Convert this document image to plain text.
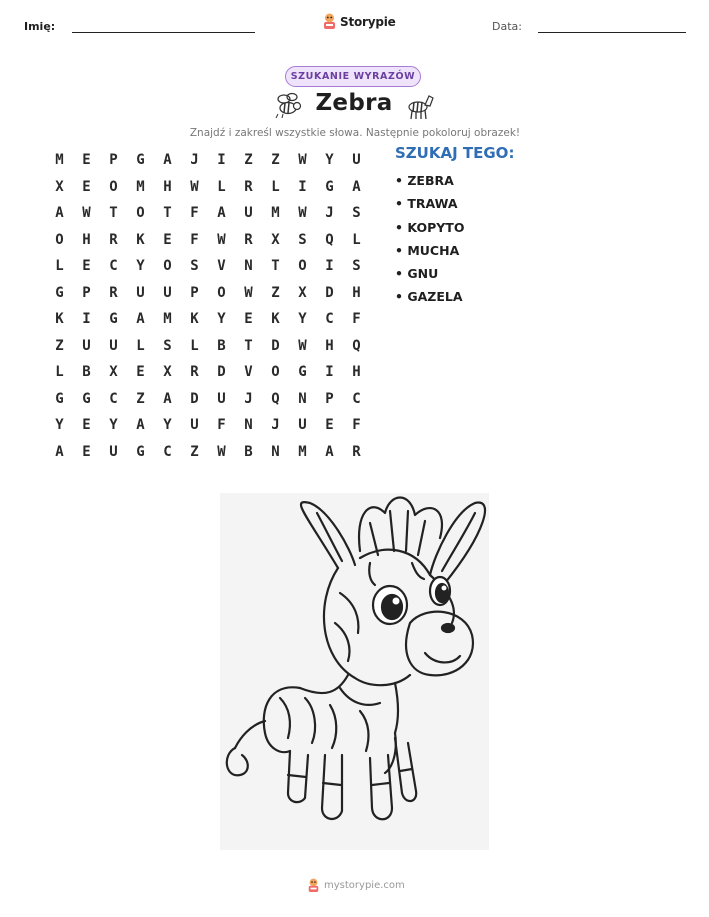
Imię:	Storypie	Data:
SZUKANIE WYRAZÓW
Zebra
Znajdź i zakreśl wszystkie słowa. Następnie pokoloruj obrazek!
M	E	P	G	A	J	I	Z	Z	W	Y	U
X	E	O	M	H	W	L	R	L	I	G	A
A	W	T	O	T	F	A	U	M	W	J	S
O	H	R	K	E	F	W	R	X	S	Q	L
L	E	C	Y	O	S	V	N	T	O	I	S
G	P	R	U	U	P	O	W	Z	X	D	H
K	I	G	A	M	K	Y	E	K	Y	C	F
Z	U	U	L	S	L	B	T	D	W	H	Q
L	B	X	E	X	R	D	V	O	G	I	H
G	G	C	Z	A	D	U	J	Q	N	P	C
Y	E	Y	A	Y	U	F	N	J	U	E	F
A	E	U	G	C	Z	W	B	N	M	A	R
SZUKAJ TEGO:
• ZEBRA
• TRAWA
• KOPYTO
• MUCHA
• GNU
• GAZELA
mystorypie.com
